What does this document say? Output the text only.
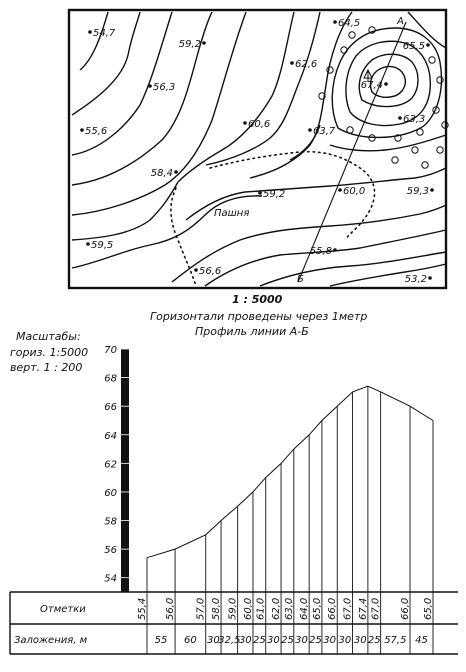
54,7
59,2
64,5
65,5
56,3
62,6
67,4
55,6
60,6
63,7
63,3
58,4
59,2	60,0	59,3
59,5
55,8
56,6
53,2
Пашня
А
Б
1 : 5000
Горизонтали проведены через 1метр
Профиль линии А-Б
Масштабы:
гориз. 1:5000
верт. 1 : 200
70
68
66
64
62
60
58
56
54
Отметки
Заложения, м
55,4 56,0 57,0 58,0 59,0 60,0 61,0 62,0 63,0 64,0 65,0 66,0 67,0 67,4 67,0 66,0 65,0
55 60 30
32,5
30 25 30 25 30 25 30 30 30 25 57,5 45
